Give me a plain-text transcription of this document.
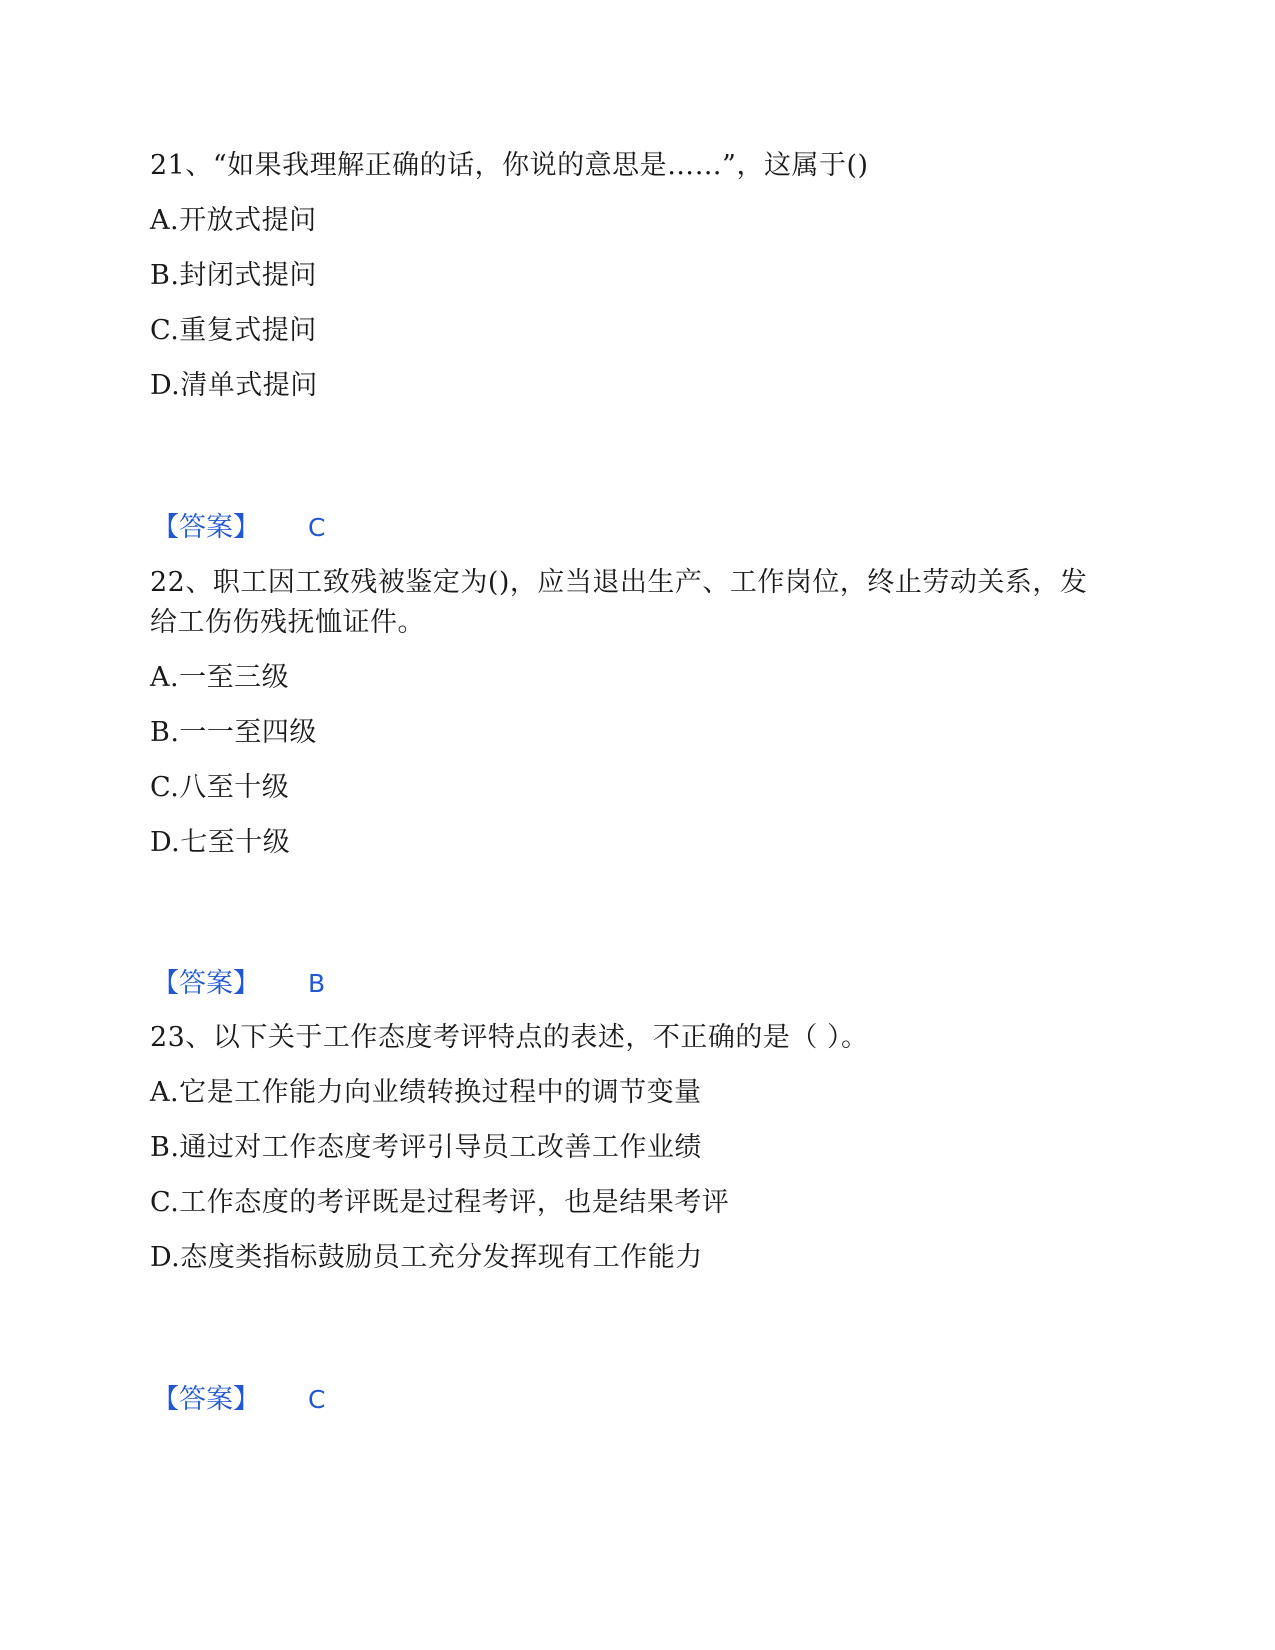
21、“如果我理解正确的话，你说的意思是……”，这属于()

A.开放式提问

B.封闭式提问

C.重复式提问

D.清单式提问

【答案】 C

22、职工因工致残被鉴定为()，应当退出生产、工作岗位，终止劳动关系，发给工伤伤残抚恤证件。

A.一至三级

B.一一至四级

C.八至十级

D.七至十级

【答案】 B

23、以下关于工作态度考评特点的表述，不正确的是（ ）。

A.它是工作能力向业绩转换过程中的调节变量

B.通过对工作态度考评引导员工改善工作业绩

C.工作态度的考评既是过程考评，也是结果考评

D.态度类指标鼓励员工充分发挥现有工作能力

【答案】 C
